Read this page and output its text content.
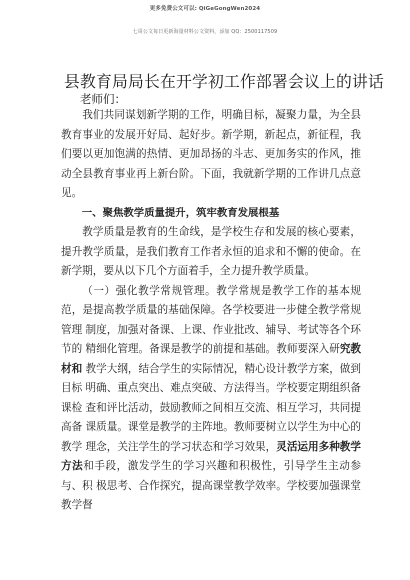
更多免费公文可以: QiGeGongWen2024
七哥公文每日更新海量材料公文资料，添加 QQ：2500117509
县教育局局长在开学初工作部署会议上的讲话
老师们：

我们共同谋划新学期的工作，明确目标，凝聚力量，为全县教育事业的发展开好局、起好步。新学期，新起点，新征程，我们要以更加饱满的热情、更加昂扬的斗志、更加务实的作风，推动全县教育事业再上新台阶。下面，我就新学期的工作讲几点意见。

一、聚焦教学质量提升，筑牢教育发展根基

教学质量是教育的生命线，是学校生存和发展的核心要素，提升教学质量，是我们教育工作者永恒的追求和不懈的使命。在新学期，要从以下几个方面着手，全力提升教学质量。

（一）强化教学常规管理。教学常规是教学工作的基本规范，是提高教学质量的基础保障。各学校要进一步健全教学常规管理 制度，加强对备课、上课、作业批改、辅导、考试等各个环节的 精细化管理。备课是教学的前提和基础。教师要深入研究教材和 教学大纲，结合学生的实际情况，精心设计教学方案，做到目标 明确、重点突出、难点突破、方法得当。学校要定期组织备课检 查和评比活动，鼓励教师之间相互交流、相互学习，共同提高备 课质量。课堂是教学的主阵地。教师要树立以学生为中心的教学 理念，关注学生的学习状态和学习效果，灵活运用多种教学方法和手段，激发学生的学习兴趣和积极性，引导学生主动参与、积 极思考、合作探究，提高课堂教学效率。学校要加强课堂教学督
